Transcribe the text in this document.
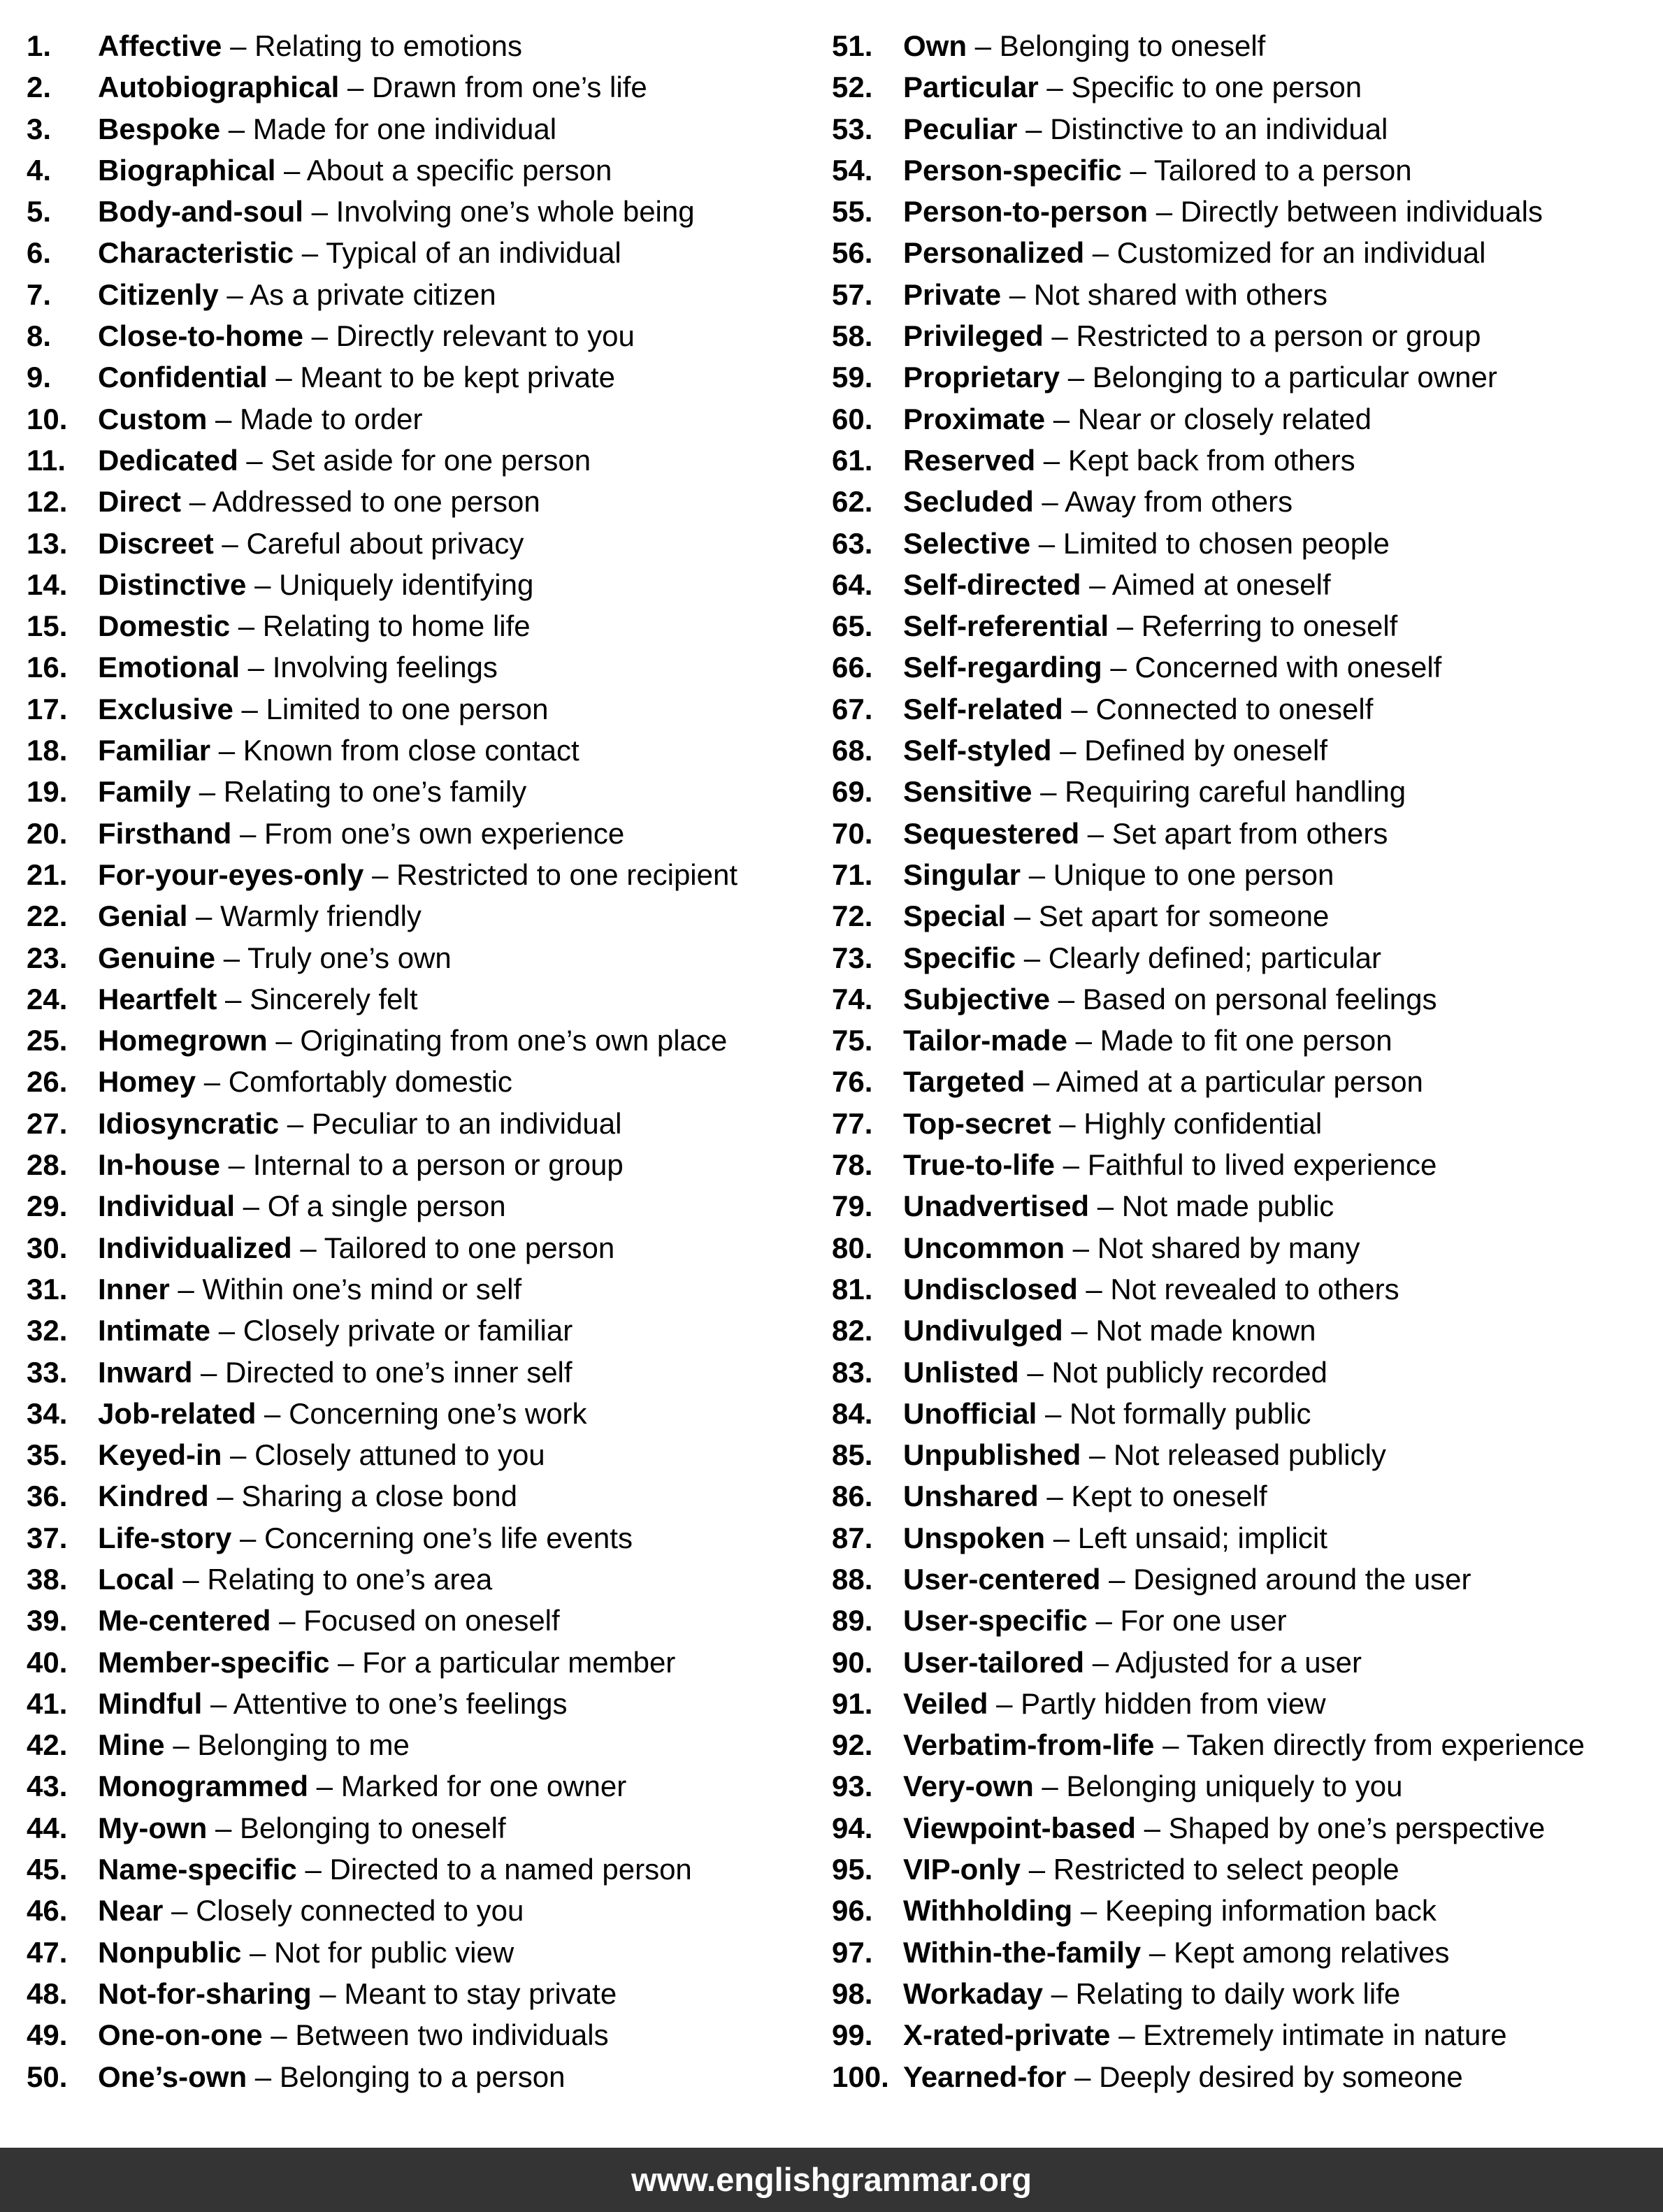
1.	Affective – Relating to emotions
2.	Autobiographical – Drawn from one’s life
3.	Bespoke – Made for one individual
4.	Biographical – About a specific person
5.	Body-and-soul – Involving one’s whole being
6.	Characteristic – Typical of an individual
7.	Citizenly – As a private citizen
8.	Close-to-home – Directly relevant to you
9.	Confidential – Meant to be kept private
10.	Custom – Made to order
11.	Dedicated – Set aside for one person
12.	Direct – Addressed to one person
13.	Discreet – Careful about privacy
14.	Distinctive – Uniquely identifying
15.	Domestic – Relating to home life
16.	Emotional – Involving feelings
17.	Exclusive – Limited to one person
18.	Familiar – Known from close contact
19.	Family – Relating to one’s family
20.	Firsthand – From one’s own experience
21.	For-your-eyes-only – Restricted to one recipient
22.	Genial – Warmly friendly
23.	Genuine – Truly one’s own
24.	Heartfelt – Sincerely felt
25.	Homegrown – Originating from one’s own place
26.	Homey – Comfortably domestic
27.	Idiosyncratic – Peculiar to an individual
28.	In-house – Internal to a person or group
29.	Individual – Of a single person
30.	Individualized – Tailored to one person
31.	Inner – Within one’s mind or self
32.	Intimate – Closely private or familiar
33.	Inward – Directed to one’s inner self
34.	Job-related – Concerning one’s work
35.	Keyed-in – Closely attuned to you
36.	Kindred – Sharing a close bond
37.	Life-story – Concerning one’s life events
38.	Local – Relating to one’s area
39.	Me-centered – Focused on oneself
40.	Member-specific – For a particular member
41.	Mindful – Attentive to one’s feelings
42.	Mine – Belonging to me
43.	Monogrammed – Marked for one owner
44.	My-own – Belonging to oneself
45.	Name-specific – Directed to a named person
46.	Near – Closely connected to you
47.	Nonpublic – Not for public view
48.	Not-for-sharing – Meant to stay private
49.	One-on-one – Between two individuals
50.	One’s-own – Belonging to a person
51.	Own – Belonging to oneself
52.	Particular – Specific to one person
53.	Peculiar – Distinctive to an individual
54.	Person-specific – Tailored to a person
55.	Person-to-person – Directly between individuals
56.	Personalized – Customized for an individual
57.	Private – Not shared with others
58.	Privileged – Restricted to a person or group
59.	Proprietary – Belonging to a particular owner
60.	Proximate – Near or closely related
61.	Reserved – Kept back from others
62.	Secluded – Away from others
63.	Selective – Limited to chosen people
64.	Self-directed – Aimed at oneself
65.	Self-referential – Referring to oneself
66.	Self-regarding – Concerned with oneself
67.	Self-related – Connected to oneself
68.	Self-styled – Defined by oneself
69.	Sensitive – Requiring careful handling
70.	Sequestered – Set apart from others
71.	Singular – Unique to one person
72.	Special – Set apart for someone
73.	Specific – Clearly defined; particular
74.	Subjective – Based on personal feelings
75.	Tailor-made – Made to fit one person
76.	Targeted – Aimed at a particular person
77.	Top-secret – Highly confidential
78.	True-to-life – Faithful to lived experience
79.	Unadvertised – Not made public
80.	Uncommon – Not shared by many
81.	Undisclosed – Not revealed to others
82.	Undivulged – Not made known
83.	Unlisted – Not publicly recorded
84.	Unofficial – Not formally public
85.	Unpublished – Not released publicly
86.	Unshared – Kept to oneself
87.	Unspoken – Left unsaid; implicit
88.	User-centered – Designed around the user
89.	User-specific – For one user
90.	User-tailored – Adjusted for a user
91.	Veiled – Partly hidden from view
92.	Verbatim-from-life – Taken directly from experience
93.	Very-own – Belonging uniquely to you
94.	Viewpoint-based – Shaped by one’s perspective
95.	VIP-only – Restricted to select people
96.	Withholding – Keeping information back
97.	Within-the-family – Kept among relatives
98.	Workaday – Relating to daily work life
99.	X-rated-private – Extremely intimate in nature
100. Yearned-for – Deeply desired by someone
www.englishgrammar.org
